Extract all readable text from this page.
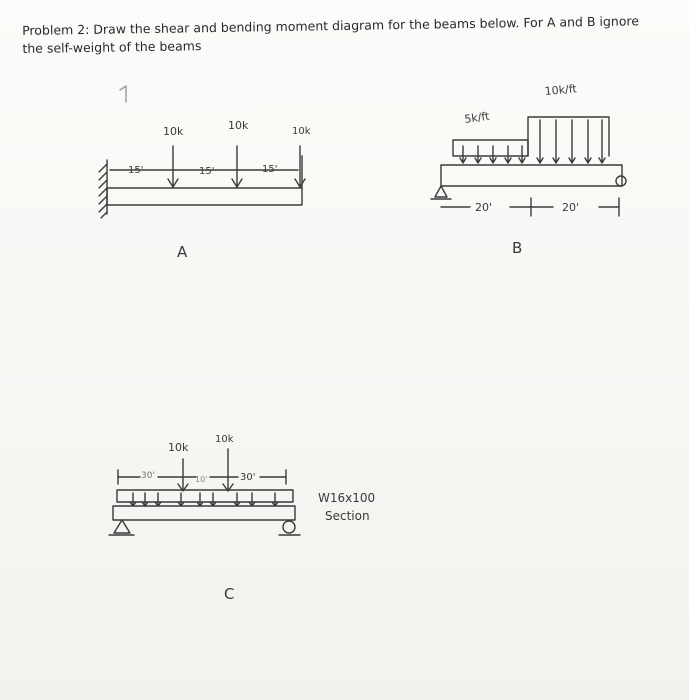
Problem 2: Draw the shear and bending moment diagram for the beams below. For A and B ignore the self-weight of the beams
10k	10k	10k
15'	15'	15'
A
5k/ft
10k/ft
20'	20'
B
10k
10k
30'	10'	30'
W16x100
Section
C
